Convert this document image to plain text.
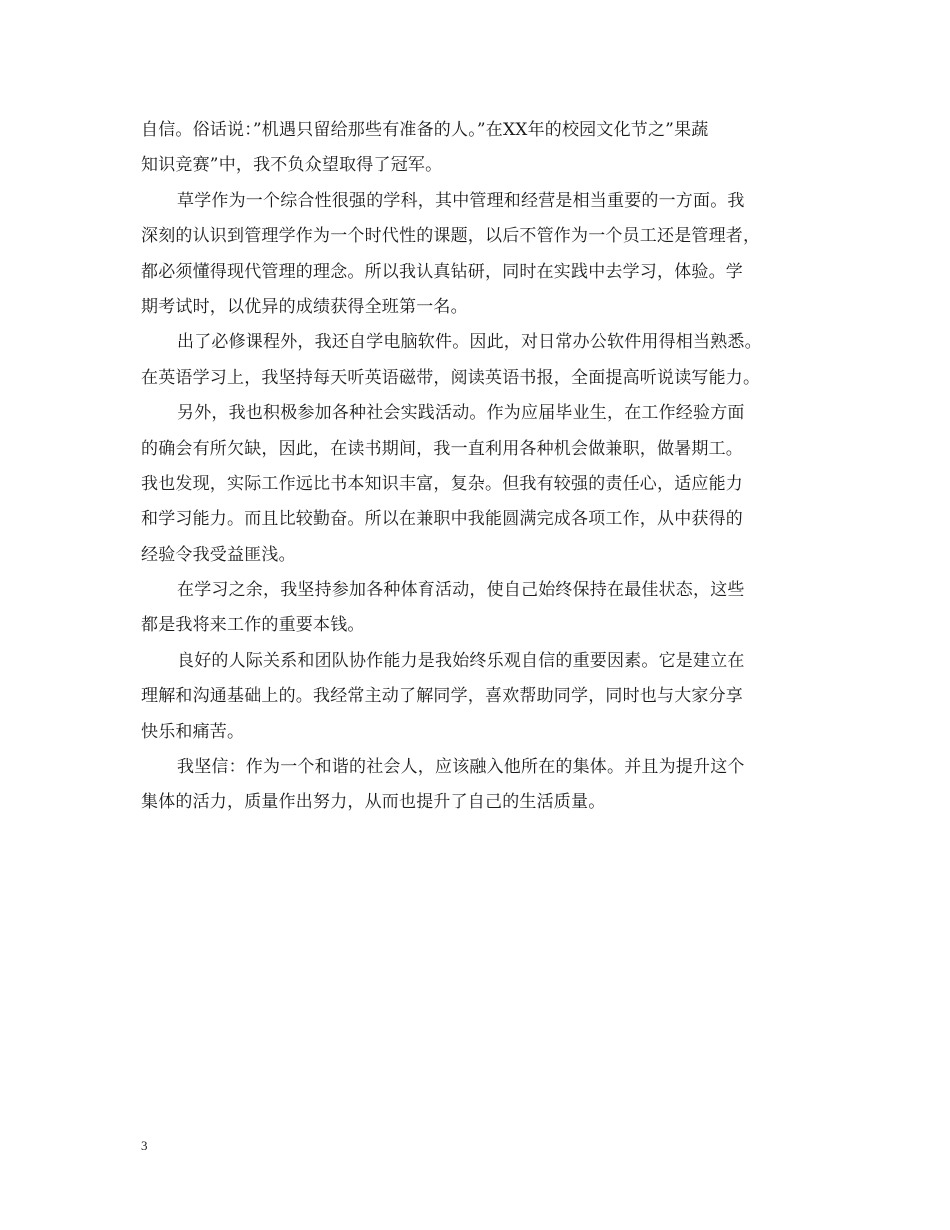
自信。俗话说：”机遇只留给那些有准备的人。”在XX年的校园文化节之”果蔬
知识竞赛”中，我不负众望取得了冠军。
草学作为一个综合性很强的学科，其中管理和经营是相当重要的一方面。我
深刻的认识到管理学作为一个时代性的课题，以后不管作为一个员工还是管理者，
都必须懂得现代管理的理念。所以我认真钻研，同时在实践中去学习，体验。学
期考试时，以优异的成绩获得全班第一名。
出了必修课程外，我还自学电脑软件。因此，对日常办公软件用得相当熟悉。
在英语学习上，我坚持每天听英语磁带，阅读英语书报，全面提高听说读写能力。
另外，我也积极参加各种社会实践活动。作为应届毕业生，在工作经验方面
的确会有所欠缺，因此，在读书期间，我一直利用各种机会做兼职，做暑期工。
我也发现，实际工作远比书本知识丰富，复杂。但我有较强的责任心，适应能力
和学习能力。而且比较勤奋。所以在兼职中我能圆满完成各项工作，从中获得的
经验令我受益匪浅。
在学习之余，我坚持参加各种体育活动，使自己始终保持在最佳状态，这些
都是我将来工作的重要本钱。
良好的人际关系和团队协作能力是我始终乐观自信的重要因素。它是建立在
理解和沟通基础上的。我经常主动了解同学，喜欢帮助同学，同时也与大家分享
快乐和痛苦。
我坚信：作为一个和谐的社会人，应该融入他所在的集体。并且为提升这个
集体的活力，质量作出努力，从而也提升了自己的生活质量。
3
